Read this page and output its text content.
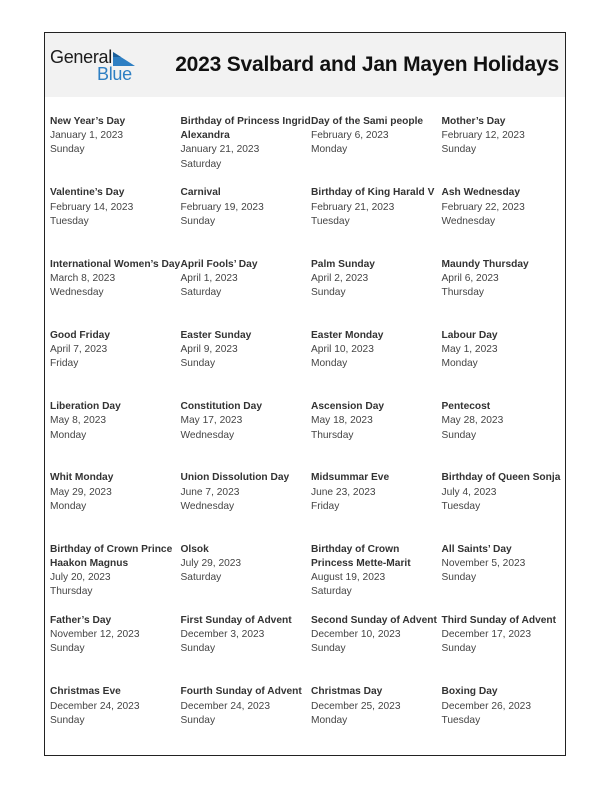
General
Blue 2023 Svalbard and Jan Mayen Holidays
New Year’s Day
January 1, 2023
Sunday
Birthday of Princess Ingrid Alexandra
January 21, 2023
Saturday
Day of the Sami people
February 6, 2023
Monday
Mother’s Day
February 12, 2023
Sunday
Valentine’s Day
February 14, 2023
Tuesday
Carnival
February 19, 2023
Sunday
Birthday of King Harald V
February 21, 2023
Tuesday
Ash Wednesday
February 22, 2023
Wednesday
International Women’s Day
March 8, 2023
Wednesday
April Fools’ Day
April 1, 2023
Saturday
Palm Sunday
April 2, 2023
Sunday
Maundy Thursday
April 6, 2023
Thursday
Good Friday
April 7, 2023
Friday
Easter Sunday
April 9, 2023
Sunday
Easter Monday
April 10, 2023
Monday
Labour Day
May 1, 2023
Monday
Liberation Day
May 8, 2023
Monday
Constitution Day
May 17, 2023
Wednesday
Ascension Day
May 18, 2023
Thursday
Pentecost
May 28, 2023
Sunday
Whit Monday
May 29, 2023
Monday
Union Dissolution Day
June 7, 2023
Wednesday
Midsummar Eve
June 23, 2023
Friday
Birthday of Queen Sonja
July 4, 2023
Tuesday
Birthday of Crown Prince Haakon Magnus
July 20, 2023
Thursday
Olsok
July 29, 2023
Saturday
Birthday of Crown Princess Mette-Marit
August 19, 2023
Saturday
All Saints’ Day
November 5, 2023
Sunday
Father’s Day
November 12, 2023
Sunday
First Sunday of Advent
December 3, 2023
Sunday
Second Sunday of Advent
December 10, 2023
Sunday
Third Sunday of Advent
December 17, 2023
Sunday
Christmas Eve
December 24, 2023
Sunday
Fourth Sunday of Advent
December 24, 2023
Sunday
Christmas Day
December 25, 2023
Monday
Boxing Day
December 26, 2023
Tuesday
